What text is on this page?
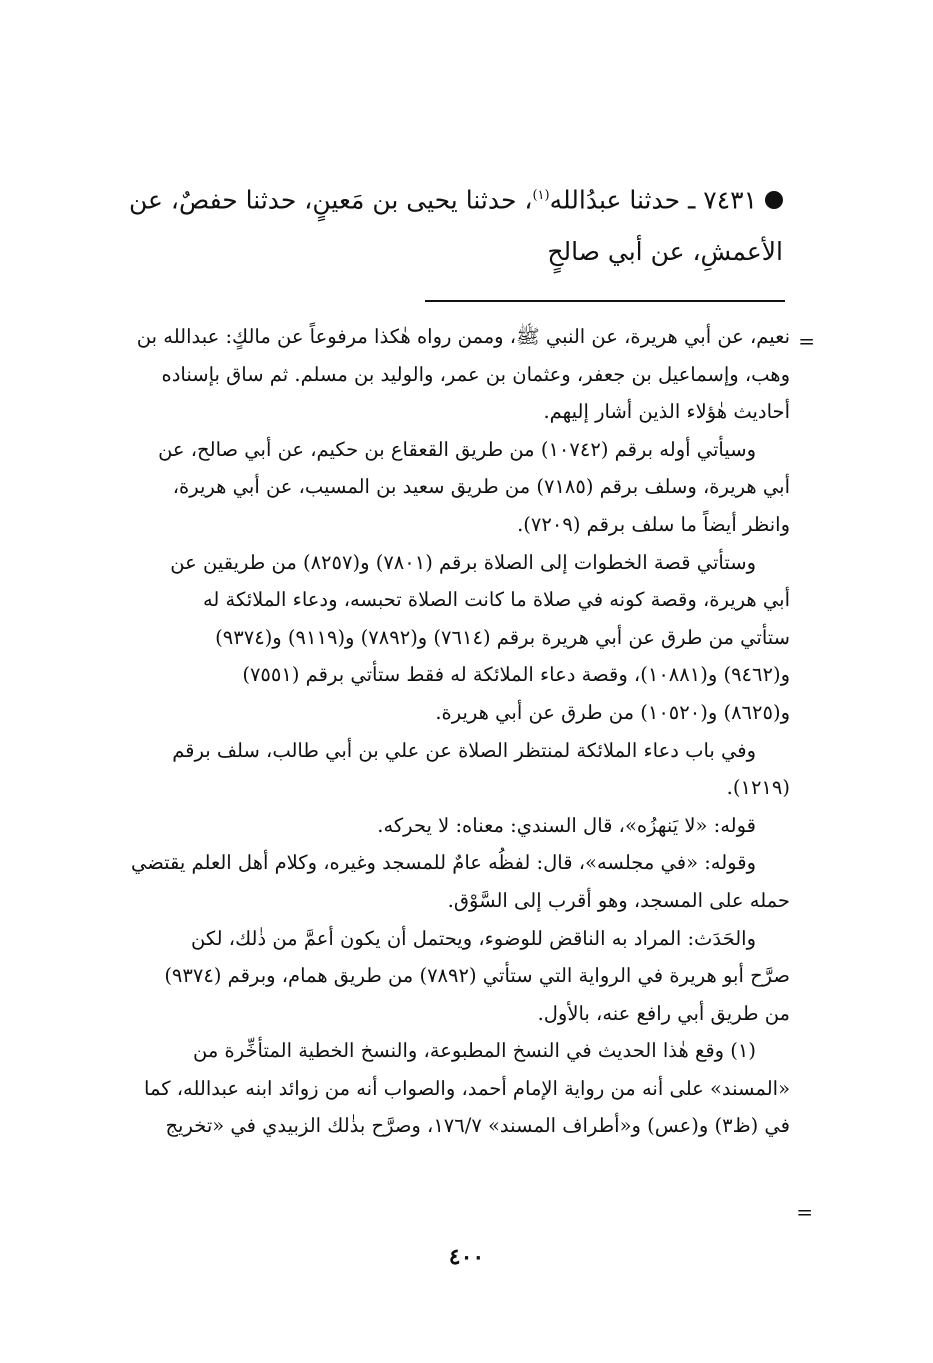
٧٤٣١ ـ حدثنا عبدُالله$^{(١)}$، حدثنا يحيى بن مَعينٍ، حدثنا حفصٌ، عن
الأعمشِ، عن أبي صالحٍ
=
نعيم، عن أبي هريرة، عن النبي ﷺ، وممن رواه هٰكذا مرفوعاً عن مالكٍ: عبدالله بن
وهب، وإسماعيل بن جعفر، وعثمان بن عمر، والوليد بن مسلم. ثم ساق بإسناده
أحاديث هٰؤلاء الذين أشار إليهم.
وسيأتي أوله برقم (١٠٧٤٢) من طريق القعقاع بن حكيم، عن أبي صالح، عن
أبي هريرة، وسلف برقم (٧١٨٥) من طريق سعيد بن المسيب، عن أبي هريرة،
وانظر أيضاً ما سلف برقم (٧٢٠٩).
وستأتي قصة الخطوات إلى الصلاة برقم (٧٨٠١) و(٨٢٥٧) من طريقين عن
أبي هريرة، وقصة كونه في صلاة ما كانت الصلاة تحبسه، ودعاء الملائكة له
ستأتي من طرق عن أبي هريرة برقم (٧٦١٤) و(٧٨٩٢) و(٩١١٩) و(٩٣٧٤)
و(٩٤٦٢) و(١٠٨٨١)، وقصة دعاء الملائكة له فقط ستأتي برقم (٧٥٥١)
و(٨٦٢٥) و(١٠٥٢٠) من طرق عن أبي هريرة.
وفي باب دعاء الملائكة لمنتظر الصلاة عن علي بن أبي طالب، سلف برقم
(١٢١٩).
قوله: «لا يَنهزُه»، قال السندي: معناه: لا يحركه.
وقوله: «في مجلسه»، قال: لفظُه عامٌ للمسجد وغيره، وكلام أهل العلم يقتضي
حمله على المسجد، وهو أقرب إلى السَّوْق.
والحَدَث: المراد به الناقض للوضوء، ويحتمل أن يكون أعمَّ من ذٰلك، لكن
صرَّح أبو هريرة في الرواية التي ستأتي (٧٨٩٢) من طريق همام، وبرقم (٩٣٧٤)
من طريق أبي رافع عنه، بالأول.
(١) وقع هٰذا الحديث في النسخ المطبوعة، والنسخ الخطية المتأخِّرة من
«المسند» على أنه من رواية الإمام أحمد، والصواب أنه من زوائد ابنه عبدالله، كما
في (ظ٣) و(عس) و«أطراف المسند» ١٧٦/٧، وصرَّح بذٰلك الزبيدي في «تخريج
=
٤٠٠
